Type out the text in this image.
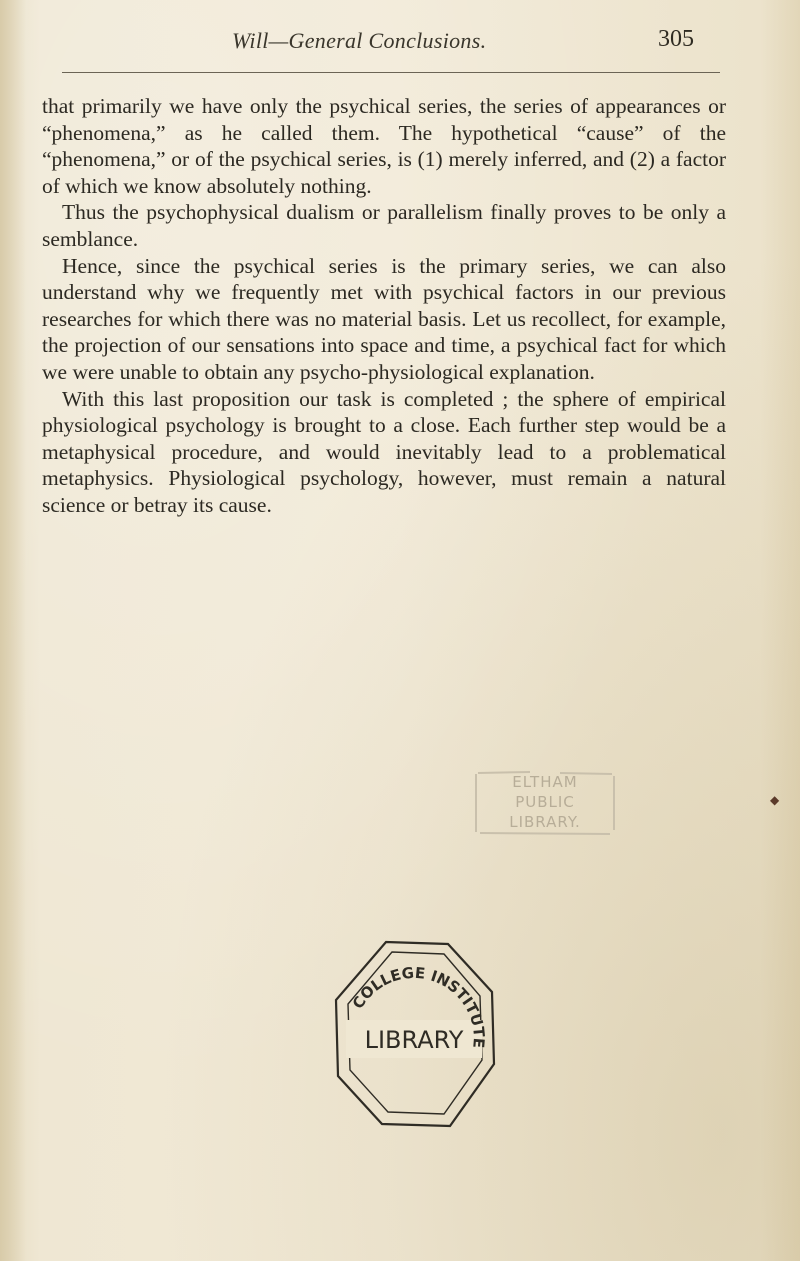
Will—General Conclusions.	305

that primarily we have only the psychical series, the series of appearances or “phenomena,” as he called them. The hypothetical “cause” of the “phenomena,” or of the psychical series, is (1) merely inferred, and (2) a factor of which we know absolutely nothing.

Thus the psychophysical dualism or parallelism finally proves to be only a semblance.

Hence, since the psychical series is the primary series, we can also understand why we frequently met with psychical factors in our previous researches for which there was no material basis. Let us recollect, for example, the projection of our sensations into space and time, a psychical fact for which we were unable to obtain any psycho-physiological explanation.

With this last proposition our task is completed ; the sphere of empirical physiological psychology is brought to a close. Each further step would be a metaphysical procedure, and would inevitably lead to a problematical metaphysics. Physiological psychology, however, must remain a natural science or betray its cause.

ELTHAM
PUBLIC
LIBRARY.
LIBRARY
COLLEGE INSTITUTE
◆
